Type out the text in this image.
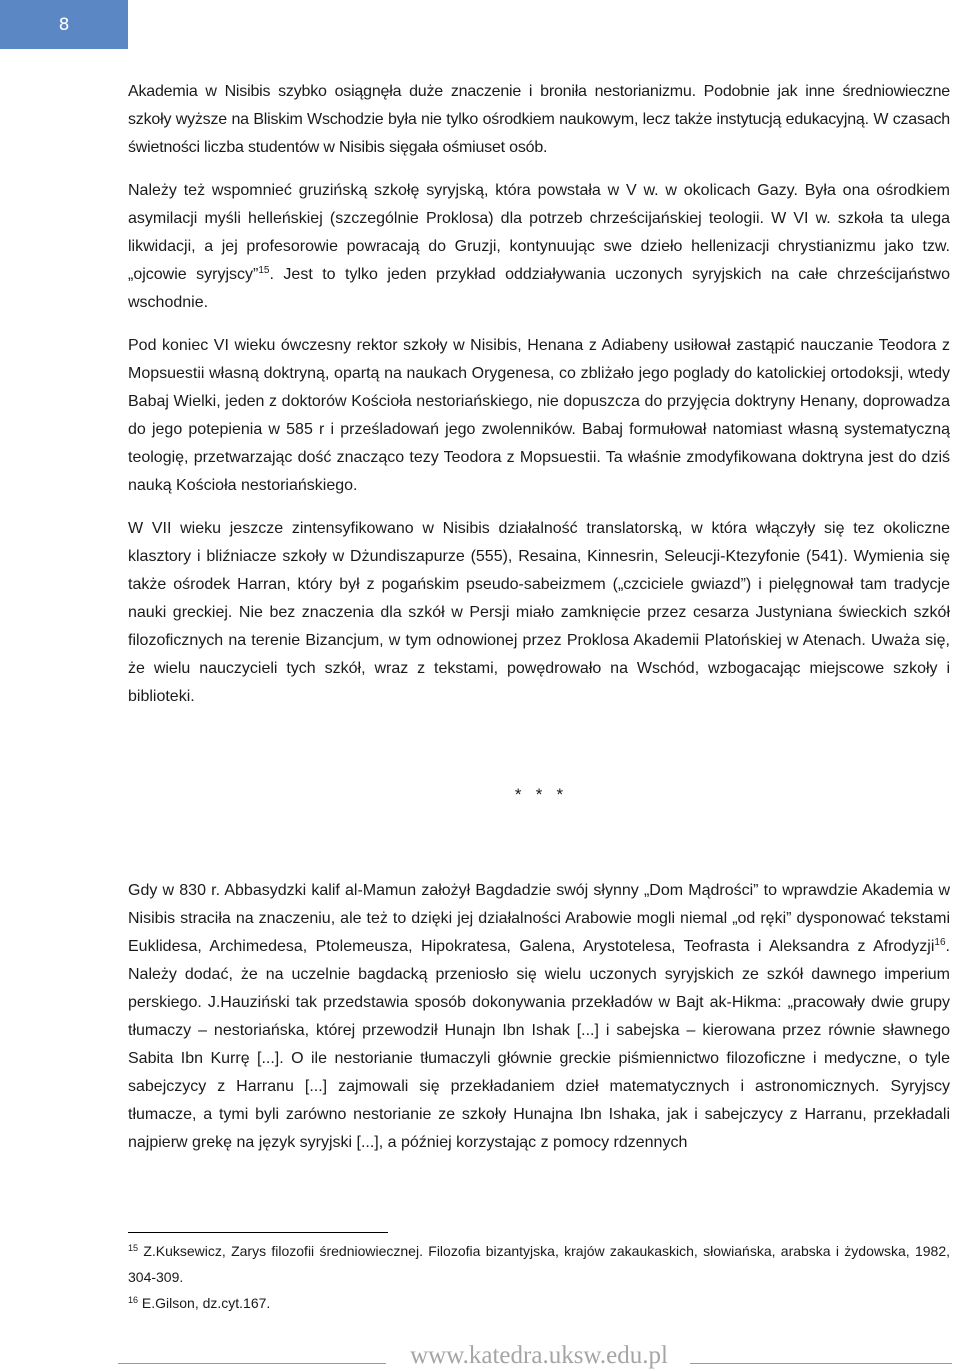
8

Akademia w Nisibis szybko osiągnęła duże znaczenie i broniła nestorianizmu. Podobnie jak inne średniowieczne szkoły wyższe na Bliskim Wschodzie była nie tylko ośrodkiem naukowym, lecz także instytucją edukacyjną. W czasach świetności liczba studentów w Nisibis sięgała ośmiuset osób.

Należy też wspomnieć gruzińską szkołę syryjską, która powstała w V w. w okolicach Gazy. Była ona ośrodkiem asymilacji myśli helleńskiej (szczególnie Proklosa) dla potrzeb chrześcijańskiej teologii. W VI w. szkoła ta ulega likwidacji, a jej profesorowie powracają do Gruzji, kontynuując swe dzieło hellenizacji chrystianizmu jako tzw. „ojcowie syryjscy”$^{15}$. Jest to tylko jeden przykład oddziaływania uczonych syryjskich na całe chrześcijaństwo wschodnie.

Pod koniec VI wieku ówczesny rektor szkoły w Nisibis, Henana z Adiabeny usiłował zastąpić nauczanie Teodora z Mopsuestii własną doktryną, opartą na naukach Orygenesa, co zbliżało jego poglady do katolickiej ortodoksji, wtedy Babaj Wielki, jeden z doktorów Kościoła nestoriańskiego, nie dopuszcza do przyjęcia doktryny Henany, doprowadza do jego potepienia w 585 r i prześladowań jego zwolenników. Babaj formułował natomiast własną systematyczną teologię, przetwarzając dość znacząco tezy Teodora z Mopsuestii. Ta właśnie zmodyfikowana doktryna jest do dziś nauką Kościoła nestoriańskiego.

W VII wieku jeszcze zintensyfikowano w Nisibis działalność translatorską, w która włączyły się tez okoliczne klasztory i bliźniacze szkoły w Dżundiszapurze (555), Resaina, Kinnesrin, Seleucji-Ktezyfonie (541). Wymienia się także ośrodek Harran, który był z pogańskim pseudo-sabeizmem („czciciele gwiazd”) i pielęgnował tam tradycje nauki greckiej. Nie bez znaczenia dla szkół w Persji miało zamknięcie przez cesarza Justyniana świeckich szkół filozoficznych na terenie Bizancjum, w tym odnowionej przez Proklosa Akademii Platońskiej w Atenach. Uważa się, że wielu nauczycieli tych szkół, wraz z tekstami, powędrowało na Wschód, wzbogacając miejscowe szkoły i biblioteki.

*   *   *

Gdy w 830 r. Abbasydzki kalif al-Mamun założył Bagdadzie swój słynny „Dom Mądrości” to wprawdzie Akademia w Nisibis straciła na znaczeniu, ale też to dzięki jej działalności Arabowie mogli niemal „od ręki” dysponować tekstami Euklidesa, Archimedesa, Ptolemeusza, Hipokratesa, Galena, Arystotelesa, Teofrasta i Aleksandra z Afrodyzji$^{16}$. Należy dodać, że na uczelnie bagdacką przeniosło się wielu uczonych syryjskich ze szkół dawnego imperium perskiego. J.Hauziński tak przedstawia sposób dokonywania przekładów w Bajt ak-Hikma: „pracowały dwie grupy tłumaczy – nestoriańska, której przewodził Hunajn Ibn Ishak [...] i sabejska – kierowana przez równie sławnego Sabita Ibn Kurrę [...]. O ile nestorianie tłumaczyli głównie greckie piśmiennictwo filozoficzne i medyczne, o tyle sabejczycy z Harranu [...] zajmowali się przekładaniem dzieł matematycznych i astronomicznych. Syryjscy tłumacze, a tymi byli zarówno nestorianie ze szkoły Hunajna Ibn Ishaka, jak i sabejczycy z Harranu, przekładali najpierw grekę na język syryjski [...], a później korzystając z pomocy rdzennych

$^{15}$ Z.Kuksewicz, Zarys filozofii średniowiecznej. Filozofia bizantyjska, krajów zakaukaskich, słowiańska, arabska i żydowska, 1982, 304-309.

$^{16}$ E.Gilson, dz.cyt.167.

www.katedra.uksw.edu.pl
